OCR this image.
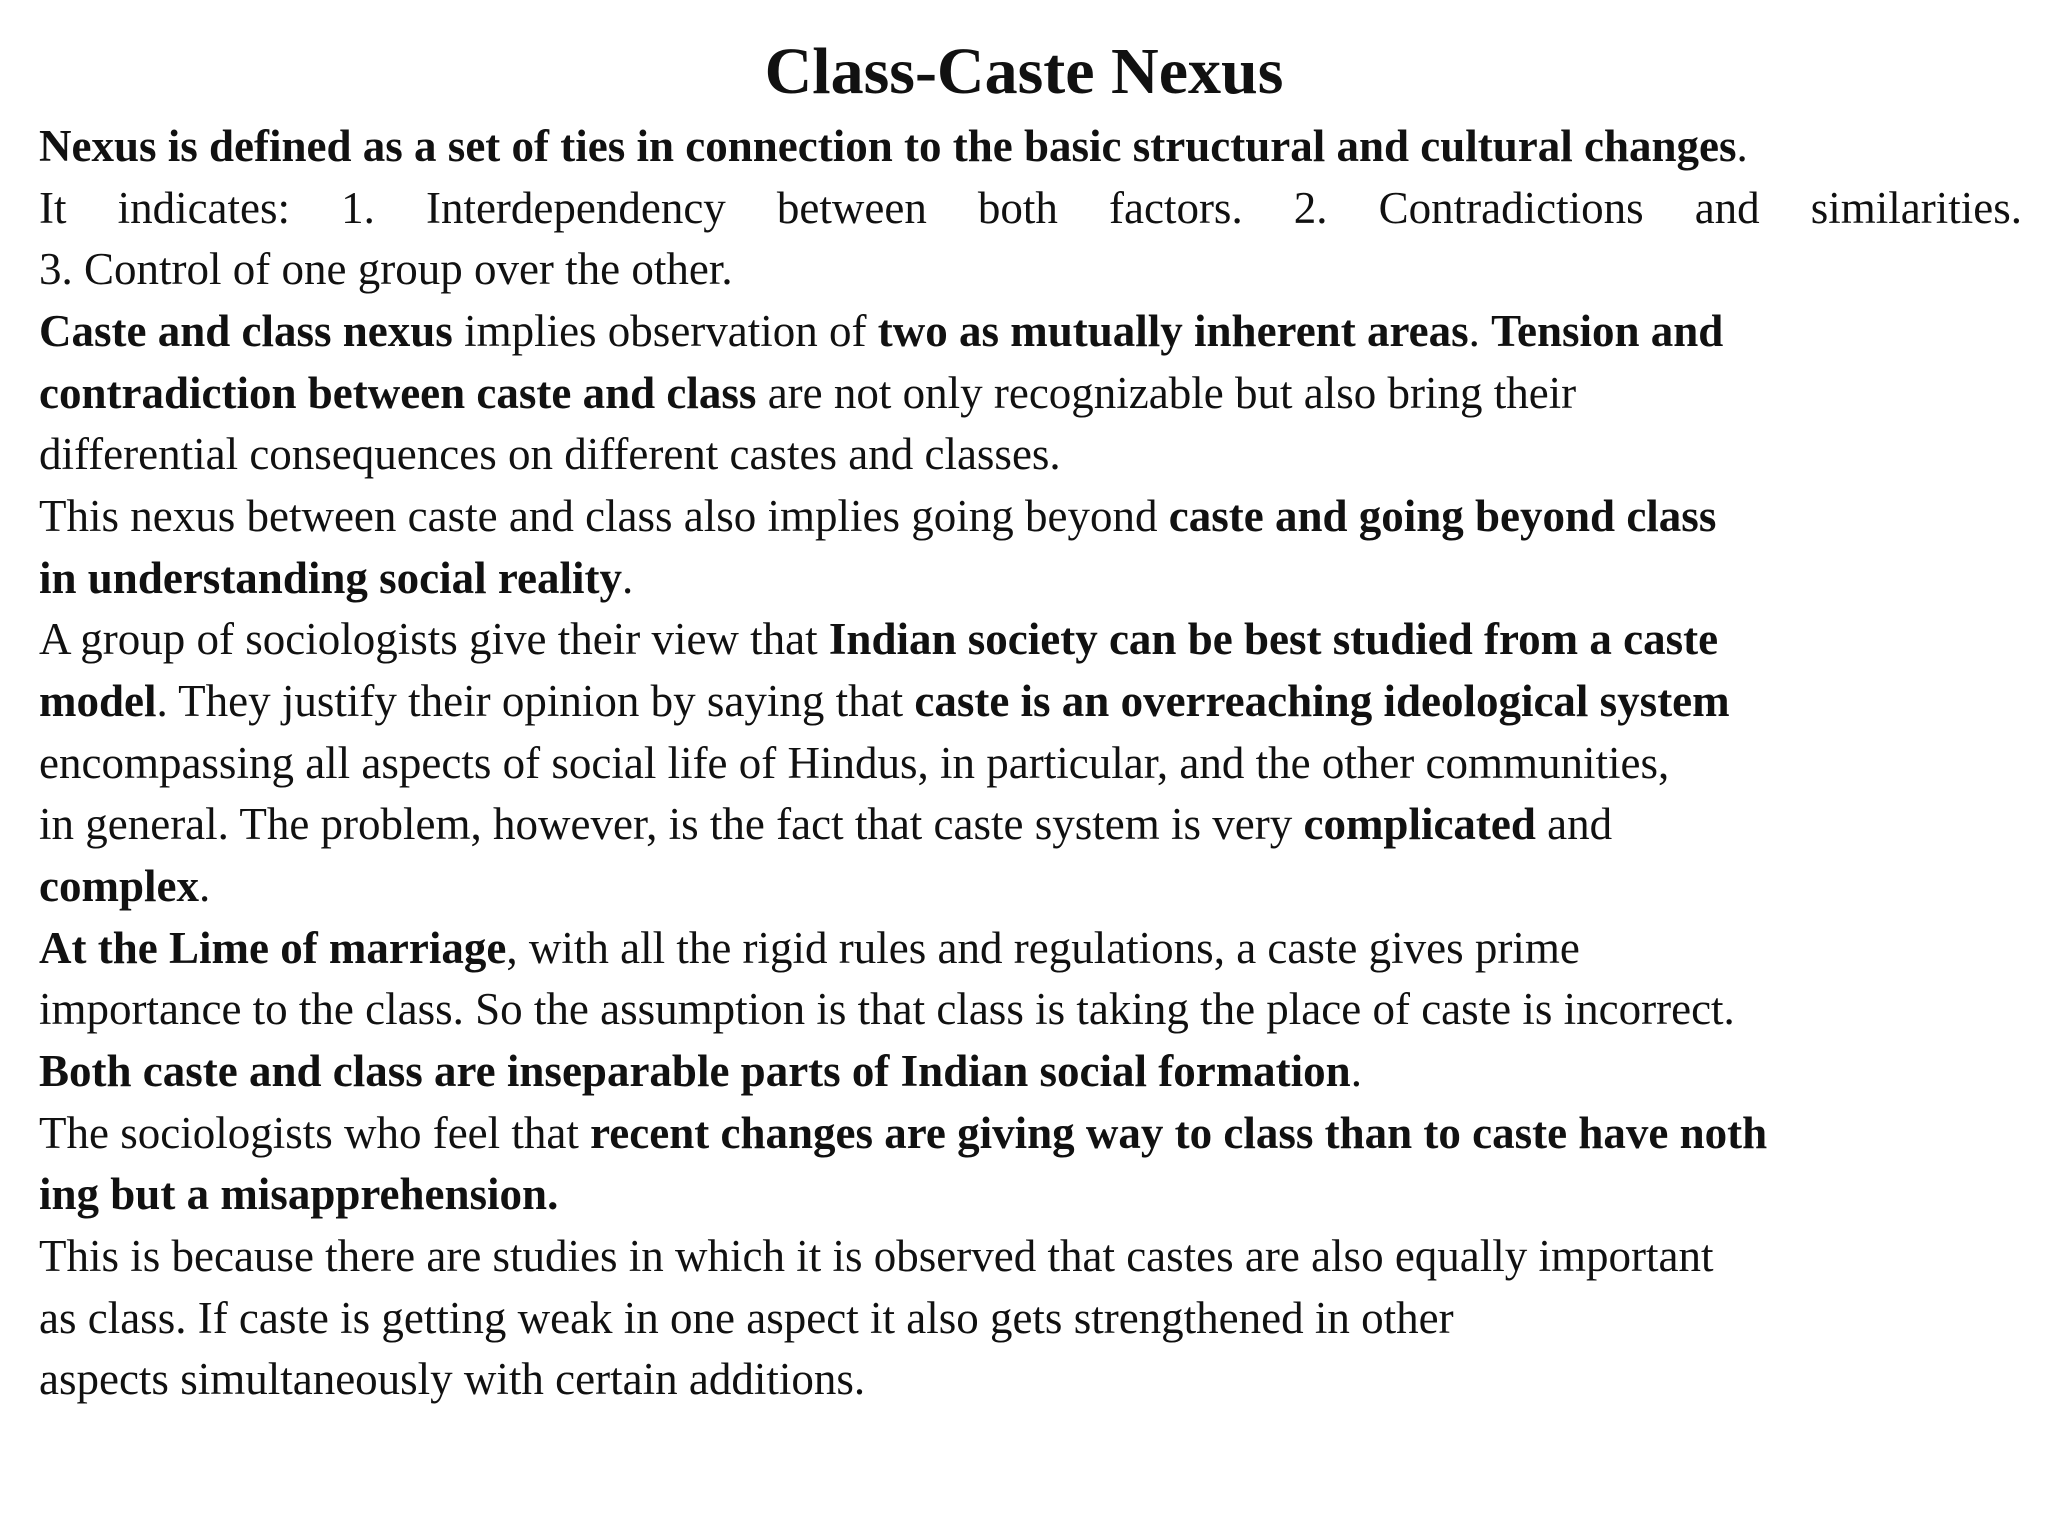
Class-Caste Nexus

Nexus is defined as a set of ties in connection to the basic structural and cultural changes.

It indicates: 1. Interdependency between both factors. 2. Contradictions and similarities.

3. Control of one group over the other.

Caste and class nexus implies observation of two as mutually inherent areas. Tension and

contradiction between caste and class are not only recognizable but also bring their

differential consequences on different castes and classes.

This nexus between caste and class also implies going beyond caste and going beyond class

in understanding social reality.

A group of sociologists give their view that Indian society can be best studied from a caste

model. They justify their opinion by saying that caste is an overreaching ideological system

encompassing all aspects of social life of Hindus, in particular, and the other communities,

in general. The problem, however, is the fact that caste system is very complicated and

complex.

At the Lime of marriage, with all the rigid rules and regulations, a caste gives prime

importance to the class. So the assumption is that class is taking the place of caste is incorrect.

Both caste and class are inseparable parts of Indian social formation.

The sociologists who feel that recent changes are giving way to class than to caste have noth

ing but a misapprehension.

This is because there are studies in which it is observed that castes are also equally important

as class. If caste is getting weak in one aspect it also gets strengthened in other

aspects simultaneously with certain additions.
